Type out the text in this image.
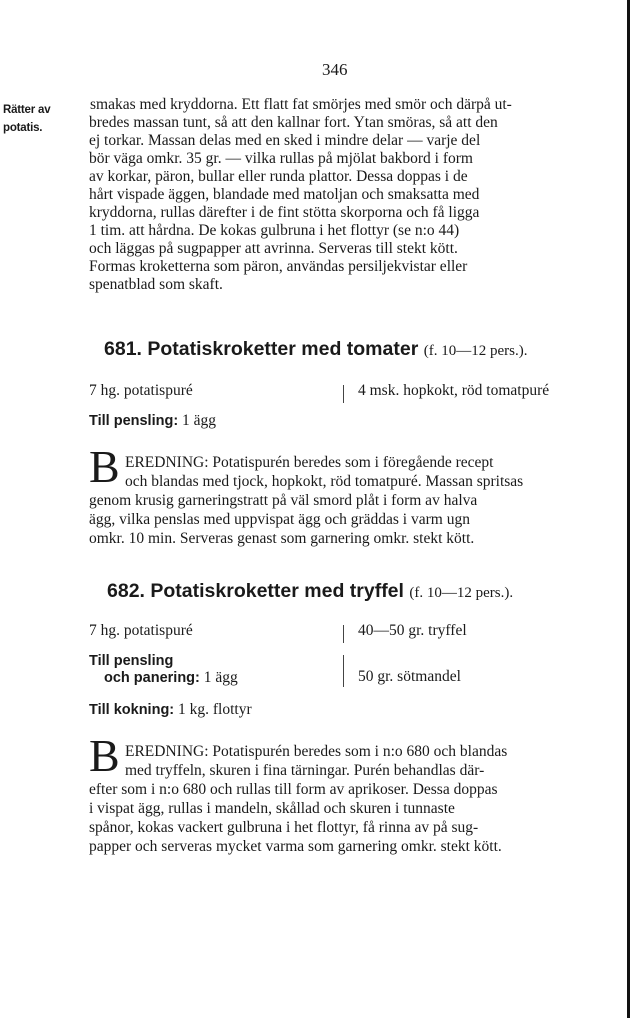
346
Rätter av
potatis.
smakas med kryddorna. Ett flatt fat smörjes med smör och därpå ut-
bredes massan tunt, så att den kallnar fort. Ytan smöras, så att den
ej torkar. Massan delas med en sked i mindre delar — varje del
bör väga omkr. 35 gr. — vilka rullas på mjölat bakbord i form
av korkar, päron, bullar eller runda plattor. Dessa doppas i de
hårt vispade äggen, blandade med matoljan och smaksatta med
kryddorna, rullas därefter i de fint stötta skorporna och få ligga
1 tim. att hårdna. De kokas gulbruna i het flottyr (se n:o 44)
och läggas på sugpapper att avrinna. Serveras till stekt kött.
Formas kroketterna som päron, användas persiljekvistar eller
spenatblad som skaft.
681. Potatiskroketter med tomater (f. 10—12 pers.).
7 hg. potatispuré	4 msk. hopkokt, röd tomatpuré
Till pensling: 1 ägg
B EREDNING: Potatispurén beredes som i föregående recept
och blandas med tjock, hopkokt, röd tomatpuré. Massan spritsas
genom krusig garneringstratt på väl smord plåt i form av halva
ägg, vilka penslas med uppvispat ägg och gräddas i varm ugn
omkr. 10 min. Serveras genast som garnering omkr. stekt kött.
682. Potatiskroketter med tryffel (f. 10—12 pers.).
7 hg. potatispuré	40—50 gr. tryffel
Till pensling
och panering: 1 ägg	50 gr. sötmandel
Till kokning: 1 kg. flottyr
B EREDNING: Potatispurén beredes som i n:o 680 och blandas
med tryffeln, skuren i fina tärningar. Purén behandlas där-
efter som i n:o 680 och rullas till form av aprikoser. Dessa doppas
i vispat ägg, rullas i mandeln, skållad och skuren i tunnaste
spånor, kokas vackert gulbruna i het flottyr, få rinna av på sug-
papper och serveras mycket varma som garnering omkr. stekt kött.
